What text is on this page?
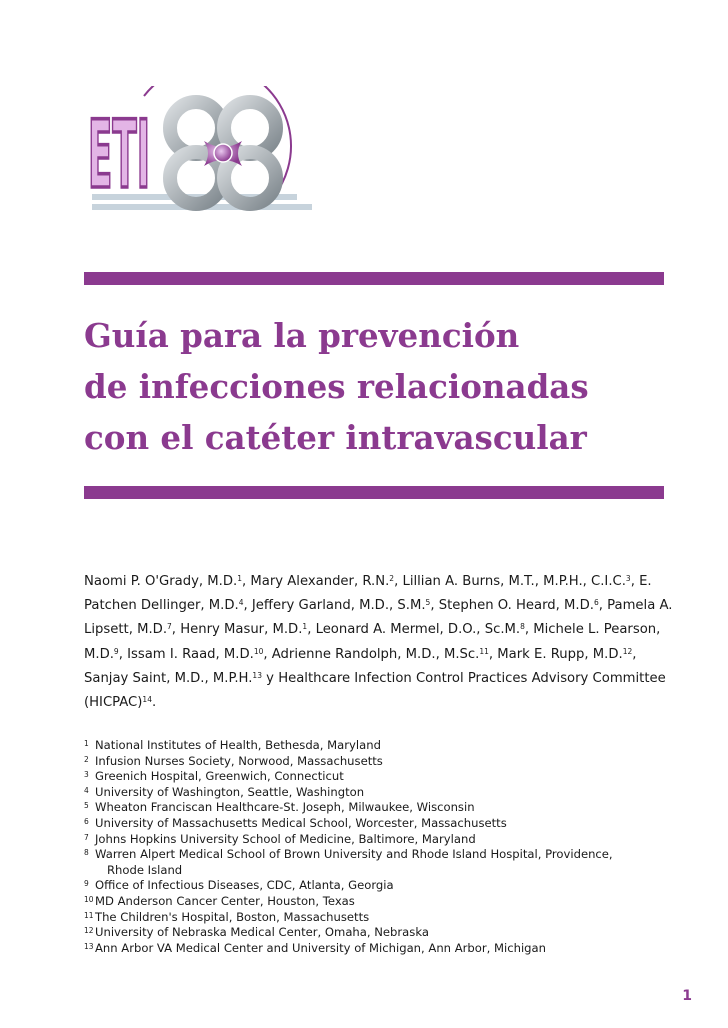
ETI
Guía para la prevención
de infecciones relacionadas
con el catéter intravascular
Naomi P. O'Grady, M.D.$^1$, Mary Alexander, R.N.$^2$, Lillian A. Burns, M.T., M.P.H., C.I.C.$^3$, E. Patchen Dellinger, M.D.$^4$, Jeffery Garland, M.D., S.M.$^5$, Stephen O. Heard, M.D.$^6$, Pamela A. Lipsett, M.D.$^7$, Henry Masur, M.D.$^1$, Leonard A. Mermel, D.O., Sc.M.$^8$, Michele L. Pearson, M.D.$^9$, Issam I. Raad, M.D.$^{10}$, Adrienne Randolph, M.D., M.Sc.$^{11}$, Mark E. Rupp, M.D.$^{12}$, Sanjay Saint, M.D., M.P.H.$^{13}$ y Healthcare Infection Control Practices Advisory Committee (HICPAC)$^{14}$.
1 National Institutes of Health, Bethesda, Maryland
2 Infusion Nurses Society, Norwood, Massachusetts
3 Greenich Hospital, Greenwich, Connecticut
4 University of Washington, Seattle, Washington
5 Wheaton Franciscan Healthcare-St. Joseph, Milwaukee, Wisconsin
6 University of Massachusetts Medical School, Worcester, Massachusetts
7 Johns Hopkins University School of Medicine, Baltimore, Maryland
8 Warren Alpert Medical School of Brown University and Rhode Island Hospital, Providence,
Rhode Island
9 Office of Infectious Diseases, CDC, Atlanta, Georgia
10 MD Anderson Cancer Center, Houston, Texas
11 The Children's Hospital, Boston, Massachusetts
12 University of Nebraska Medical Center, Omaha, Nebraska
13 Ann Arbor VA Medical Center and University of Michigan, Ann Arbor, Michigan
1
